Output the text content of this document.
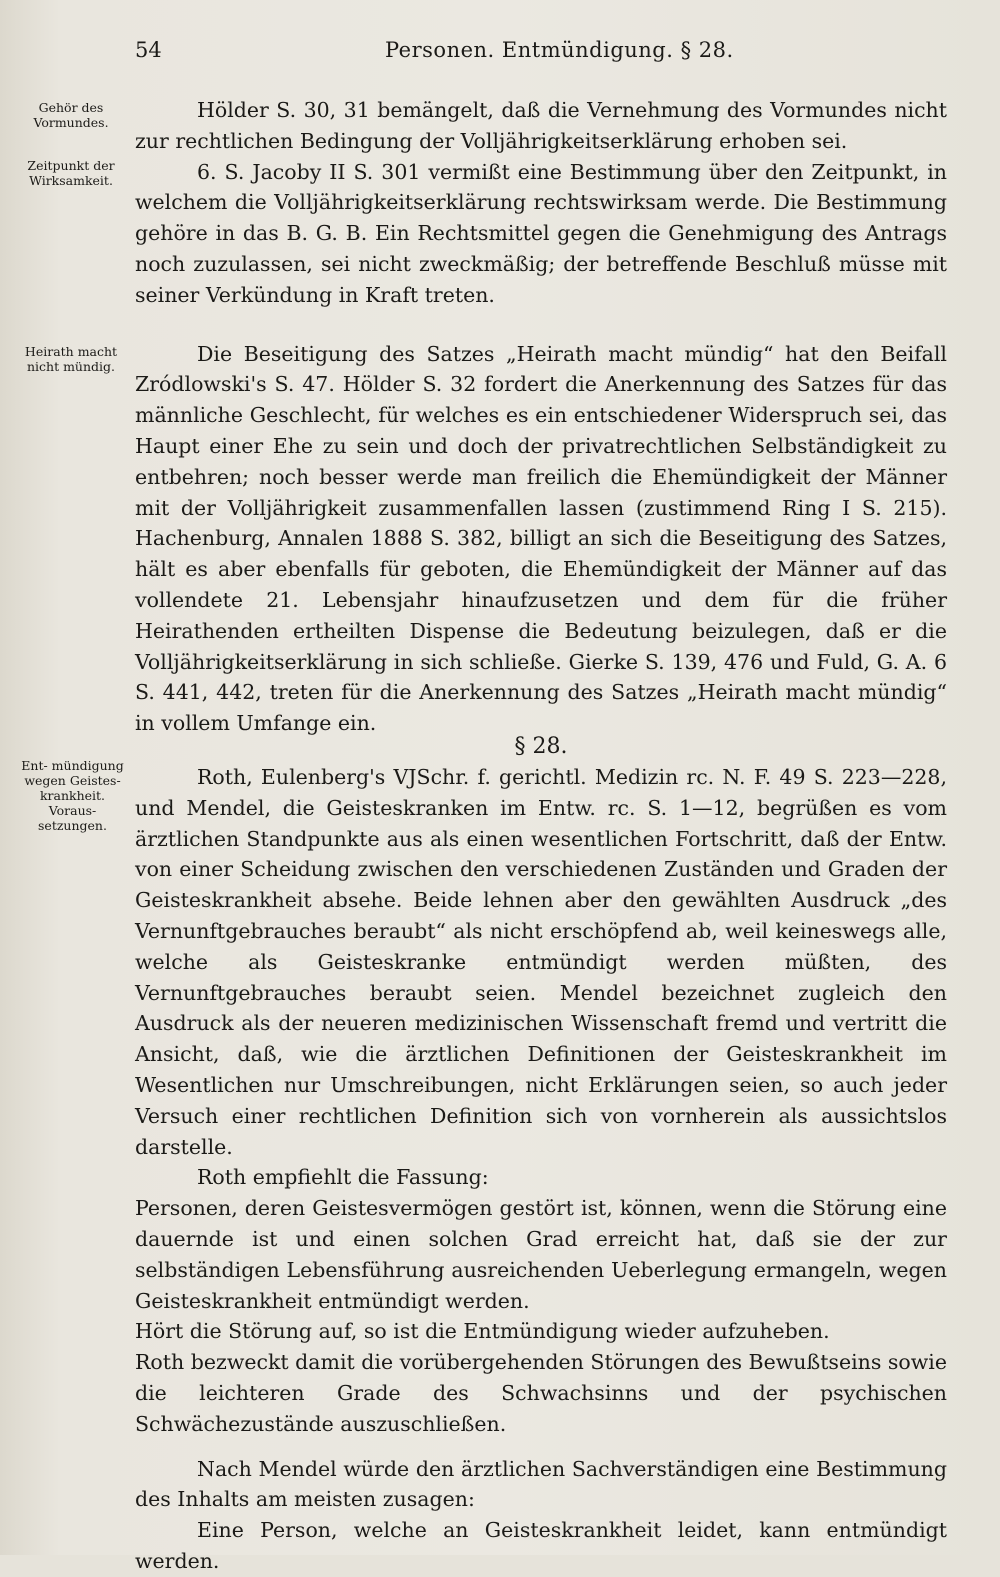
54	Personen. Entmündigung. § 28.
Gehör des Vormundes.
Zeitpunkt der Wirksamkeit.
Heirath macht nicht mündig.
Ent- mündigung wegen Geistes- krankheit. Voraus- setzungen.

Hölder S. 30, 31 bemängelt, daß die Vernehmung des Vormundes nicht zur rechtlichen Bedingung der Volljährigkeitserklärung erhoben sei.

6. S. Jacoby II S. 301 vermißt eine Bestimmung über den Zeitpunkt, in welchem die Volljährigkeitserklärung rechtswirksam werde. Die Bestimmung gehöre in das B. G. B. Ein Rechtsmittel gegen die Genehmigung des Antrags noch zuzulassen, sei nicht zweckmäßig; der betreffende Beschluß müsse mit seiner Verkündung in Kraft treten.

Die Beseitigung des Satzes „Heirath macht mündig“ hat den Beifall Zródlowski's S. 47. Hölder S. 32 fordert die Anerkennung des Satzes für das männliche Geschlecht, für welches es ein entschiedener Widerspruch sei, das Haupt einer Ehe zu sein und doch der privatrechtlichen Selbständigkeit zu entbehren; noch besser werde man freilich die Ehemündigkeit der Männer mit der Volljährigkeit zusammenfallen lassen (zustimmend Ring I S. 215). Hachenburg, Annalen 1888 S. 382, billigt an sich die Beseitigung des Satzes, hält es aber ebenfalls für geboten, die Ehemündigkeit der Männer auf das vollendete 21. Lebensjahr hinaufzusetzen und dem für die früher Heirathenden ertheilten Dispense die Bedeutung beizulegen, daß er die Volljährigkeitserklärung in sich schließe. Gierke S. 139, 476 und Fuld, G. A. 6 S. 441, 442, treten für die Anerkennung des Satzes „Heirath macht mündig“ in vollem Umfange ein.

§ 28.

Roth, Eulenberg's VJSchr. f. gerichtl. Medizin rc. N. F. 49 S. 223—228, und Mendel, die Geisteskranken im Entw. rc. S. 1—12, begrüßen es vom ärztlichen Standpunkte aus als einen wesentlichen Fortschritt, daß der Entw. von einer Scheidung zwischen den verschiedenen Zuständen und Graden der Geisteskrankheit absehe. Beide lehnen aber den gewählten Ausdruck „des Vernunftgebrauches beraubt“ als nicht erschöpfend ab, weil keineswegs alle, welche als Geisteskranke entmündigt werden müßten, des Vernunftgebrauches beraubt seien. Mendel bezeichnet zugleich den Ausdruck als der neueren medizinischen Wissenschaft fremd und vertritt die Ansicht, daß, wie die ärztlichen Definitionen der Geisteskrankheit im Wesentlichen nur Umschreibungen, nicht Erklärungen seien, so auch jeder Versuch einer rechtlichen Definition sich von vornherein als aussichtslos darstelle.

Roth empfiehlt die Fassung:

Personen, deren Geistesvermögen gestört ist, können, wenn die Störung eine dauernde ist und einen solchen Grad erreicht hat, daß sie der zur selbständigen Lebensführung ausreichenden Ueberlegung ermangeln, wegen Geisteskrankheit entmündigt werden.

Hört die Störung auf, so ist die Entmündigung wieder aufzuheben.

Roth bezweckt damit die vorübergehenden Störungen des Bewußtseins sowie die leichteren Grade des Schwachsinns und der psychischen Schwächezustände auszuschließen.

Nach Mendel würde den ärztlichen Sachverständigen eine Bestimmung des Inhalts am meisten zusagen:

Eine Person, welche an Geisteskrankheit leidet, kann entmündigt werden.
